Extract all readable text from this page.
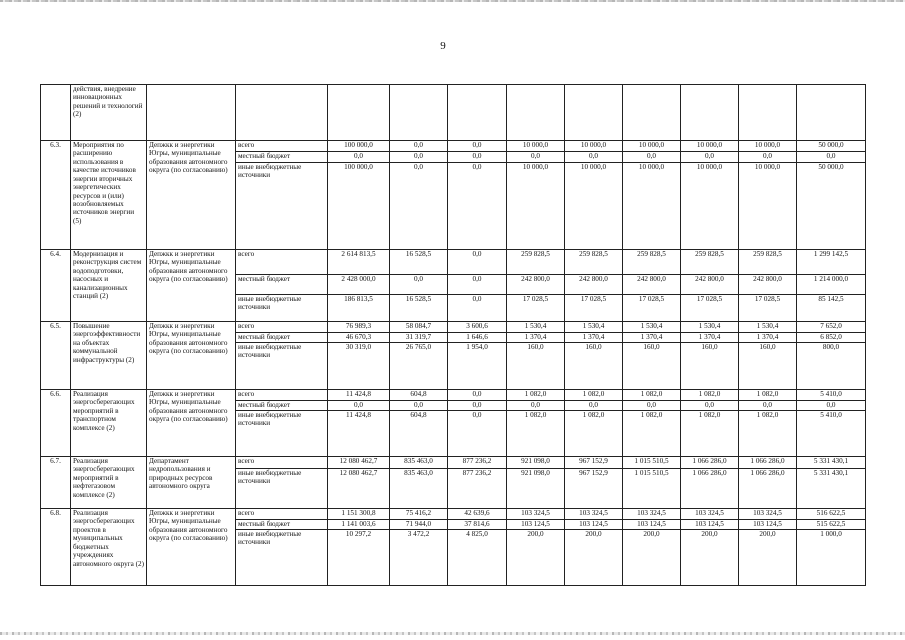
9
	действия, внедрение инновационных решений и технологий (2)											
6.3.	Мероприятия по расширению использования в качестве источников энергии вторичных энергетических ресурсов и (или) возобновляемых источников энергии (5)	Депжкк и энергетики Югры, муниципальные образования автономного округа (по согласованию)	всего	100 000,0	0,0	0,0	10 000,0	10 000,0	10 000,0	10 000,0	10 000,0	50 000,0
			местный бюджет	0,0	0,0	0,0	0,0	0,0	0,0	0,0	0,0	0,0
			иные внебюджетные источники	100 000,0	0,0	0,0	10 000,0	10 000,0	10 000,0	10 000,0	10 000,0	50 000,0
6.4.	Модернизация и реконструкция систем водоподготовки, насосных и канализационных станций (2)	Депжкк и энергетики Югры, муниципальные образования автономного округа (по согласованию)	всего	2 614 813,5	16 528,5	0,0	259 828,5	259 828,5	259 828,5	259 828,5	259 828,5	1 299 142,5
			местный бюджет	2 428 000,0	0,0	0,0	242 800,0	242 800,0	242 800,0	242 800,0	242 800,0	1 214 000,0
			иные внебюджетные источники	186 813,5	16 528,5	0,0	17 028,5	17 028,5	17 028,5	17 028,5	17 028,5	85 142,5
6.5.	Повышение энергоэффективности на объектах коммунальной инфраструктуры (2)	Депжкк и энергетики Югры, муниципальные образования автономного округа (по согласованию)	всего	76 989,3	58 084,7	3 600,6	1 530,4	1 530,4	1 530,4	1 530,4	1 530,4	7 652,0
			местный бюджет	46 670,3	31 319,7	1 646,6	1 370,4	1 370,4	1 370,4	1 370,4	1 370,4	6 852,0
			иные внебюджетные источники	30 319,0	26 765,0	1 954,0	160,0	160,0	160,0	160,0	160,0	800,0
6.6.	Реализация энергосберегающих мероприятий в транспортном комплексе (2)	Депжкк и энергетики Югры, муниципальные образования автономного округа (по согласованию)	всего	11 424,8	604,8	0,0	1 082,0	1 082,0	1 082,0	1 082,0	1 082,0	5 410,0
			местный бюджет	0,0	0,0	0,0	0,0	0,0	0,0	0,0	0,0	0,0
			иные внебюджетные источники	11 424,8	604,8	0,0	1 082,0	1 082,0	1 082,0	1 082,0	1 082,0	5 410,0
6.7.	Реализация энергосберегающих мероприятий в нефтегазовом комплексе (2)	Департамент недропользования и природных ресурсов автономного округа	всего	12 080 462,7	835 463,0	877 236,2	921 098,0	967 152,9	1 015 510,5	1 066 286,0	1 066 286,0	5 331 430,1
			иные внебюджетные источники	12 080 462,7	835 463,0	877 236,2	921 098,0	967 152,9	1 015 510,5	1 066 286,0	1 066 286,0	5 331 430,1
6.8.	Реализация энергосберегающих проектов в муниципальных бюджетных учреждениях автономного округа (2)	Депжкк и энергетики Югры, муниципальные образования автономного округа (по согласованию)	всего	1 151 300,8	75 416,2	42 639,6	103 324,5	103 324,5	103 324,5	103 324,5	103 324,5	516 622,5
			местный бюджет	1 141 003,6	71 944,0	37 814,6	103 124,5	103 124,5	103 124,5	103 124,5	103 124,5	515 622,5
			иные внебюджетные источники	10 297,2	3 472,2	4 825,0	200,0	200,0	200,0	200,0	200,0	1 000,0
